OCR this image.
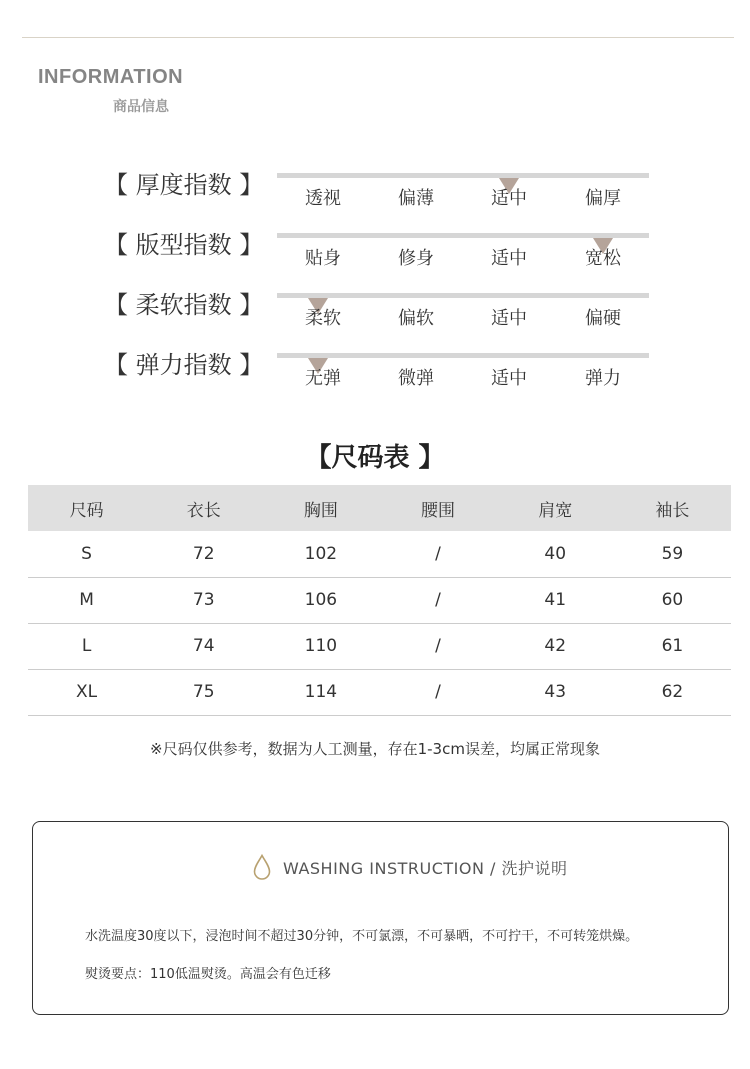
INFORMATION
商品信息
【 厚度指数 】	透视	偏薄	适中	偏厚
【 版型指数 】	贴身	修身	适中	宽松
【 柔软指数 】	柔软	偏软	适中	偏硬
【 弹力指数 】	无弹	微弹	适中	弹力
【尺码表 】
尺码	衣长	胸围	腰围	肩宽	袖长
S	72	102	/	40	59
M	73	106	/	41	60
L	74	110	/	42	61
XL	75	114	/	43	62
※尺码仅供参考，数据为人工测量，存在1-3cm误差，均属正常现象
WASHING INSTRUCTION / 洗护说明
水洗温度30度以下，浸泡时间不超过30分钟，不可氯漂，不可暴晒，不可拧干，不可转笼烘燥。
熨烫要点：110低温熨烫。高温会有色迁移
